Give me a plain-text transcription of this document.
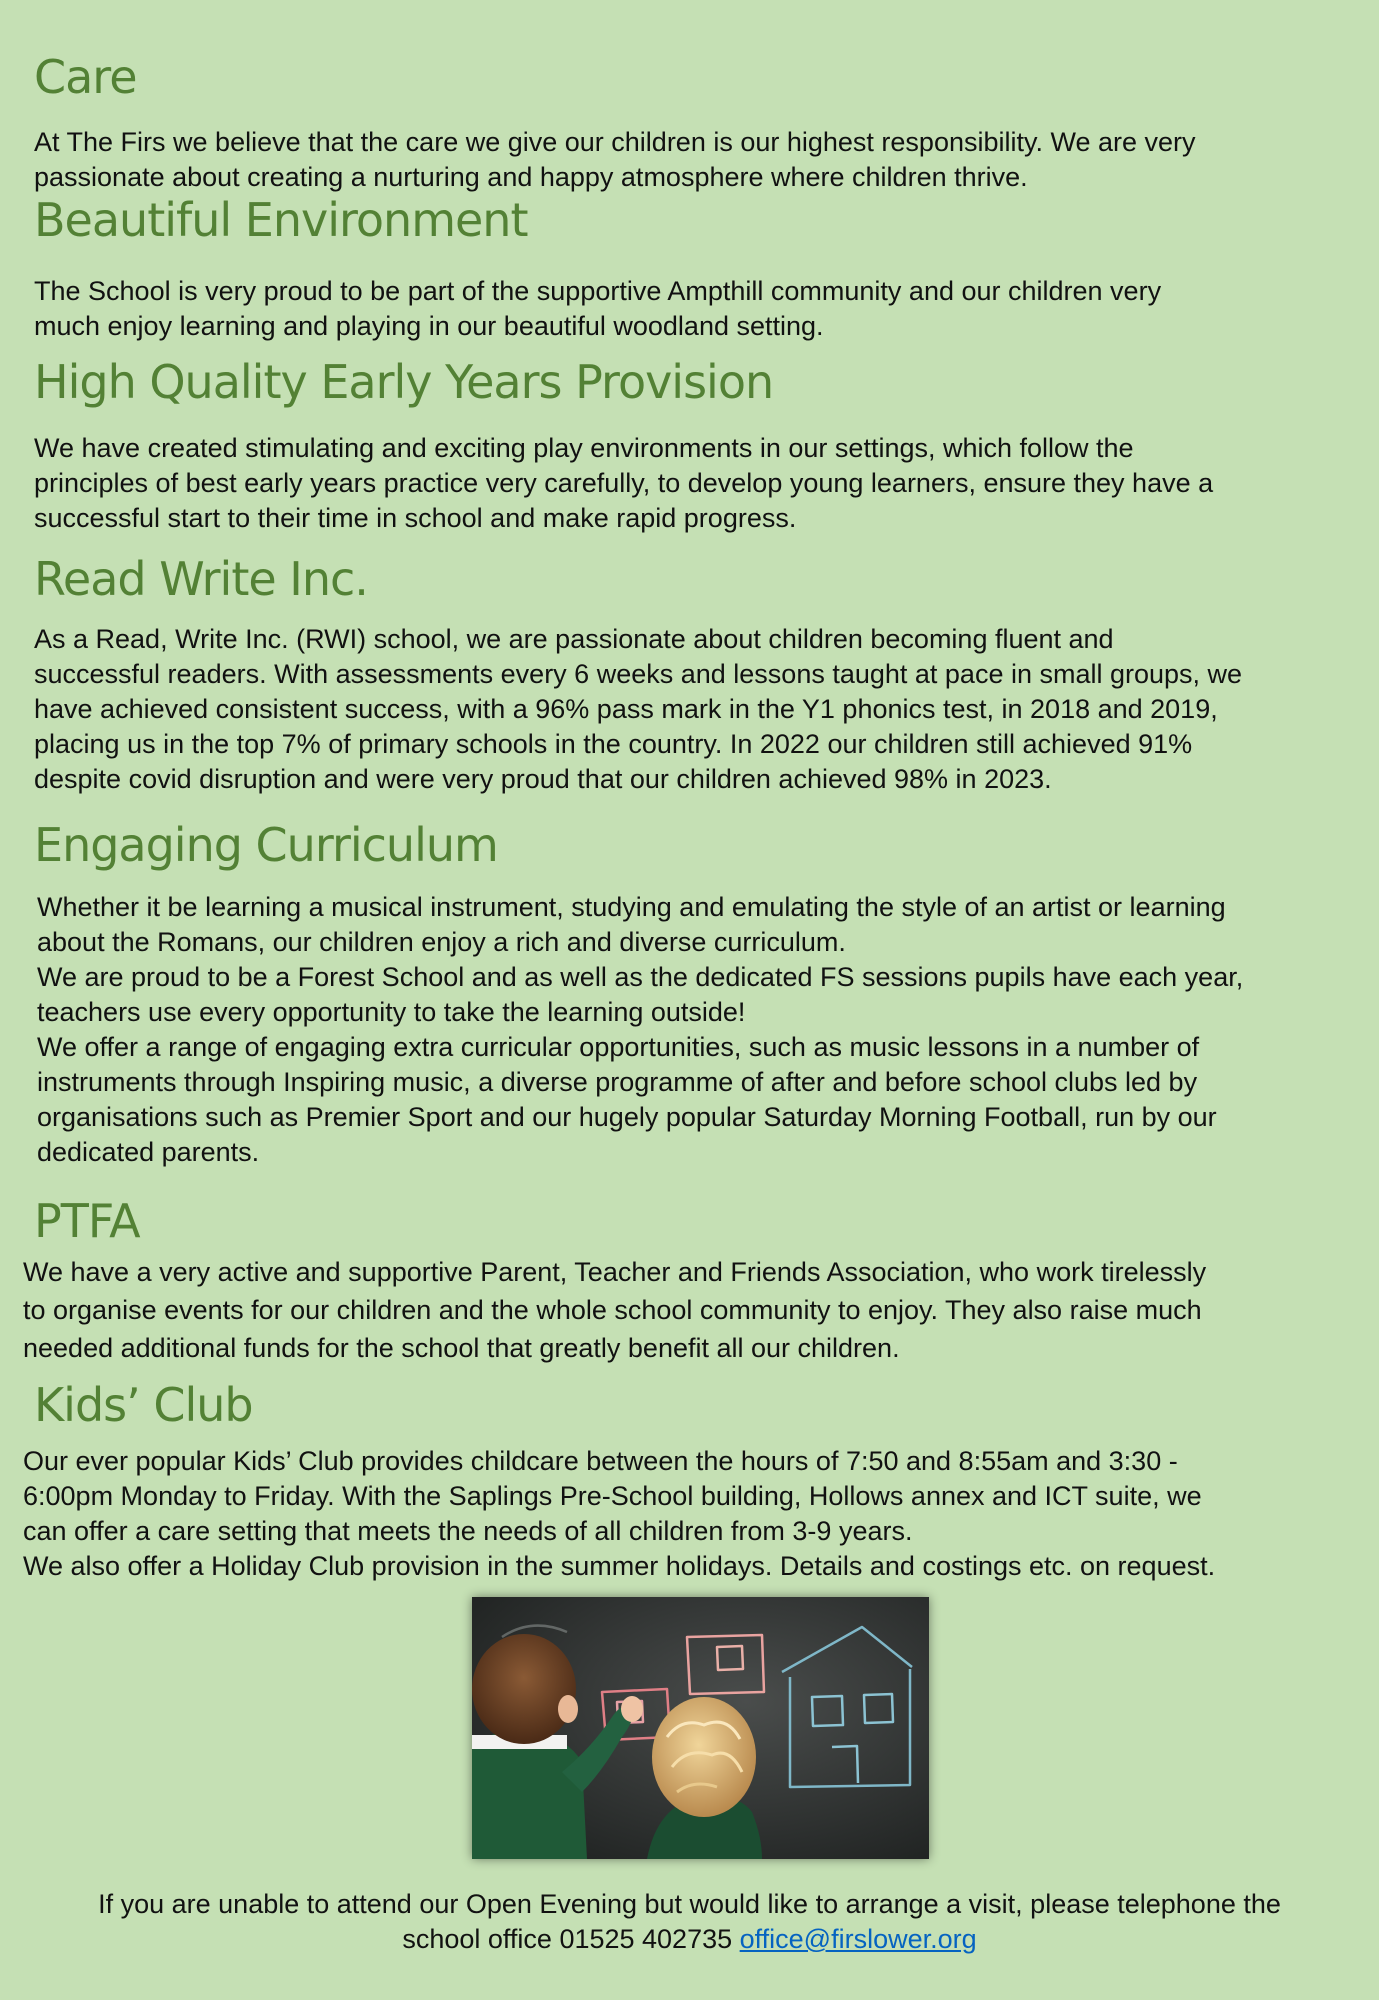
Care

At The Firs we believe that the care we give our children is our highest responsibility. We are very
passionate about creating a nurturing and happy atmosphere where children thrive.

Beautiful Environment

The School is very proud to be part of the supportive Ampthill community and our children very
much enjoy learning and playing in our beautiful woodland setting.

High Quality Early Years Provision

We have created stimulating and exciting play environments in our settings, which follow the
principles of best early years practice very carefully, to develop young learners, ensure they have a
successful start to their time in school and make rapid progress.

Read Write Inc.

As a Read, Write Inc. (RWI) school, we are passionate about children becoming fluent and
successful readers. With assessments every 6 weeks and lessons taught at pace in small groups, we
have achieved consistent success, with a 96% pass mark in the Y1 phonics test, in 2018 and 2019,
placing us in the top 7% of primary schools in the country. In 2022 our children still achieved 91%
despite covid disruption and were very proud that our children achieved 98% in 2023.

Engaging Curriculum

Whether it be learning a musical instrument, studying and emulating the style of an artist or learning
about the Romans, our children enjoy a rich and diverse curriculum.
We are proud to be a Forest School and as well as the dedicated FS sessions pupils have each year,
teachers use every opportunity to take the learning outside!
We offer a range of engaging extra curricular opportunities, such as music lessons in a number of
instruments through Inspiring music, a diverse programme of after and before school clubs led by
organisations such as Premier Sport and our hugely popular Saturday Morning Football, run by our
dedicated parents.

PTFA

We have a very active and supportive Parent, Teacher and Friends Association, who work tirelessly
to organise events for our children and the whole school community to enjoy. They also raise much
needed additional funds for the school that greatly benefit all our children.

Kids’ Club

Our ever popular Kids’ Club provides childcare between the hours of 7:50 and 8:55am and 3:30 -
6:00pm Monday to Friday. With the Saplings Pre-School building, Hollows annex and ICT suite, we
can offer a care setting that meets the needs of all children from 3-9 years.
We also offer a Holiday Club provision in the summer holidays. Details and costings etc. on request.

If you are unable to attend our Open Evening but would like to arrange a visit, please telephone the
school office 01525 402735 office@firslower.org
